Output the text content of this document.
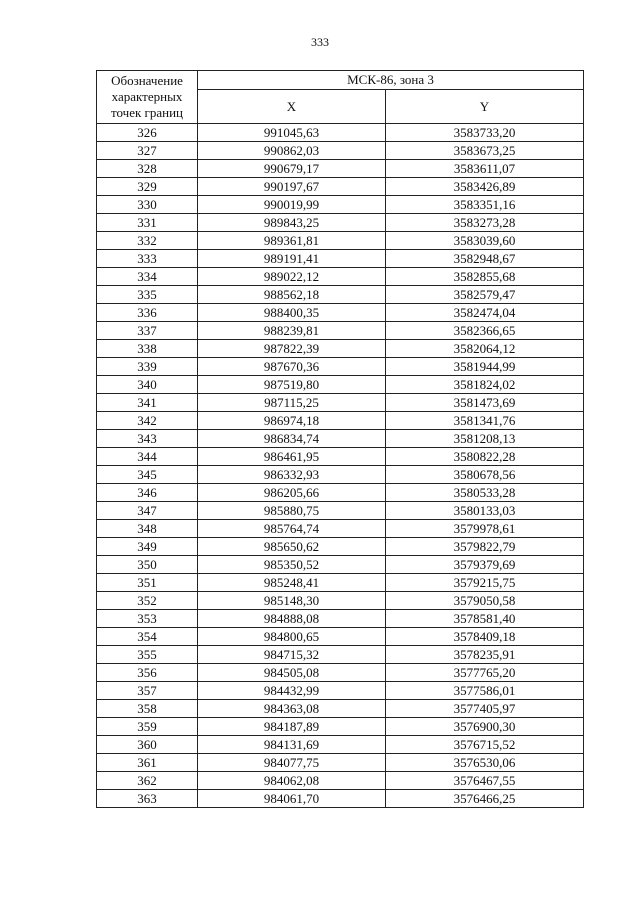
333
Обозначение
характерных
точек границ	МСК-86, зона 3	
	X	Y
326	991045,63	3583733,20
327	990862,03	3583673,25
328	990679,17	3583611,07
329	990197,67	3583426,89
330	990019,99	3583351,16
331	989843,25	3583273,28
332	989361,81	3583039,60
333	989191,41	3582948,67
334	989022,12	3582855,68
335	988562,18	3582579,47
336	988400,35	3582474,04
337	988239,81	3582366,65
338	987822,39	3582064,12
339	987670,36	3581944,99
340	987519,80	3581824,02
341	987115,25	3581473,69
342	986974,18	3581341,76
343	986834,74	3581208,13
344	986461,95	3580822,28
345	986332,93	3580678,56
346	986205,66	3580533,28
347	985880,75	3580133,03
348	985764,74	3579978,61
349	985650,62	3579822,79
350	985350,52	3579379,69
351	985248,41	3579215,75
352	985148,30	3579050,58
353	984888,08	3578581,40
354	984800,65	3578409,18
355	984715,32	3578235,91
356	984505,08	3577765,20
357	984432,99	3577586,01
358	984363,08	3577405,97
359	984187,89	3576900,30
360	984131,69	3576715,52
361	984077,75	3576530,06
362	984062,08	3576467,55
363	984061,70	3576466,25
